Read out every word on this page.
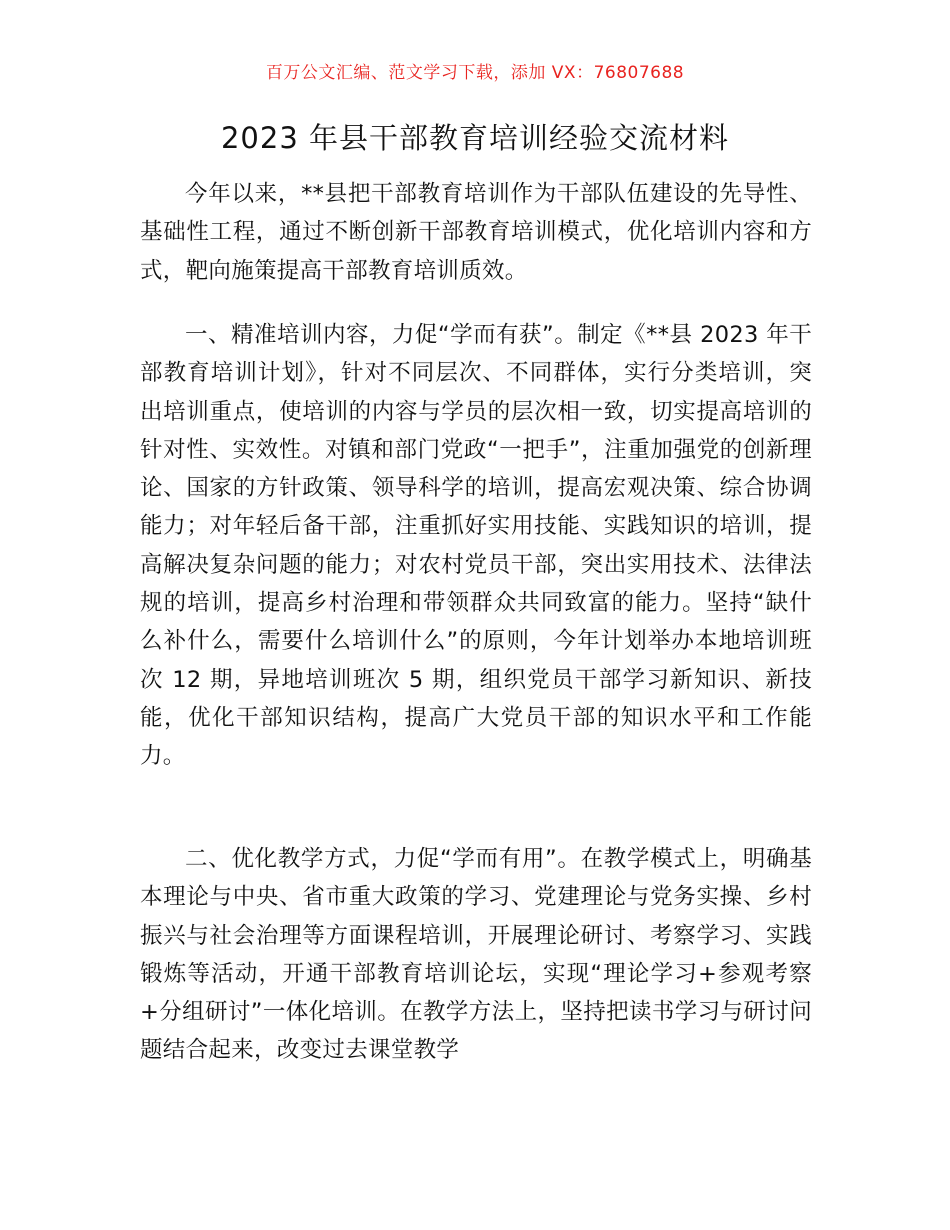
百万公文汇编、范文学习下载，添加 VX：76807688
2023 年县干部教育培训经验交流材料

今年以来，**县把干部教育培训作为干部队伍建设的先导性、基础性工程，通过不断创新干部教育培训模式，优化培训内容和方式，靶向施策提高干部教育培训质效。

一、精准培训内容，力促“学而有获”。制定《**县 2023 年干部教育培训计划》，针对不同层次、不同群体，实行分类培训，突出培训重点，使培训的内容与学员的层次相一致，切实提高培训的针对性、实效性。对镇和部门党政“一把手”，注重加强党的创新理论、国家的方针政策、领导科学的培训，提高宏观决策、综合协调能力；对年轻后备干部，注重抓好实用技能、实践知识的培训，提高解决复杂问题的能力；对农村党员干部，突出实用技术、法律法规的培训，提高乡村治理和带领群众共同致富的能力。坚持“缺什么补什么，需要什么培训什么”的原则，今年计划举办本地培训班次 12 期，异地培训班次 5 期，组织党员干部学习新知识、新技能，优化干部知识结构，提高广大党员干部的知识水平和工作能力。

二、优化教学方式，力促“学而有用”。在教学模式上，明确基本理论与中央、省市重大政策的学习、党建理论与党务实操、乡村振兴与社会治理等方面课程培训，开展理论研讨、考察学习、实践锻炼等活动，开通干部教育培训论坛，实现“理论学习+参观考察+分组研讨”一体化培训。在教学方法上，坚持把读书学习与研讨问题结合起来，改变过去课堂教学
